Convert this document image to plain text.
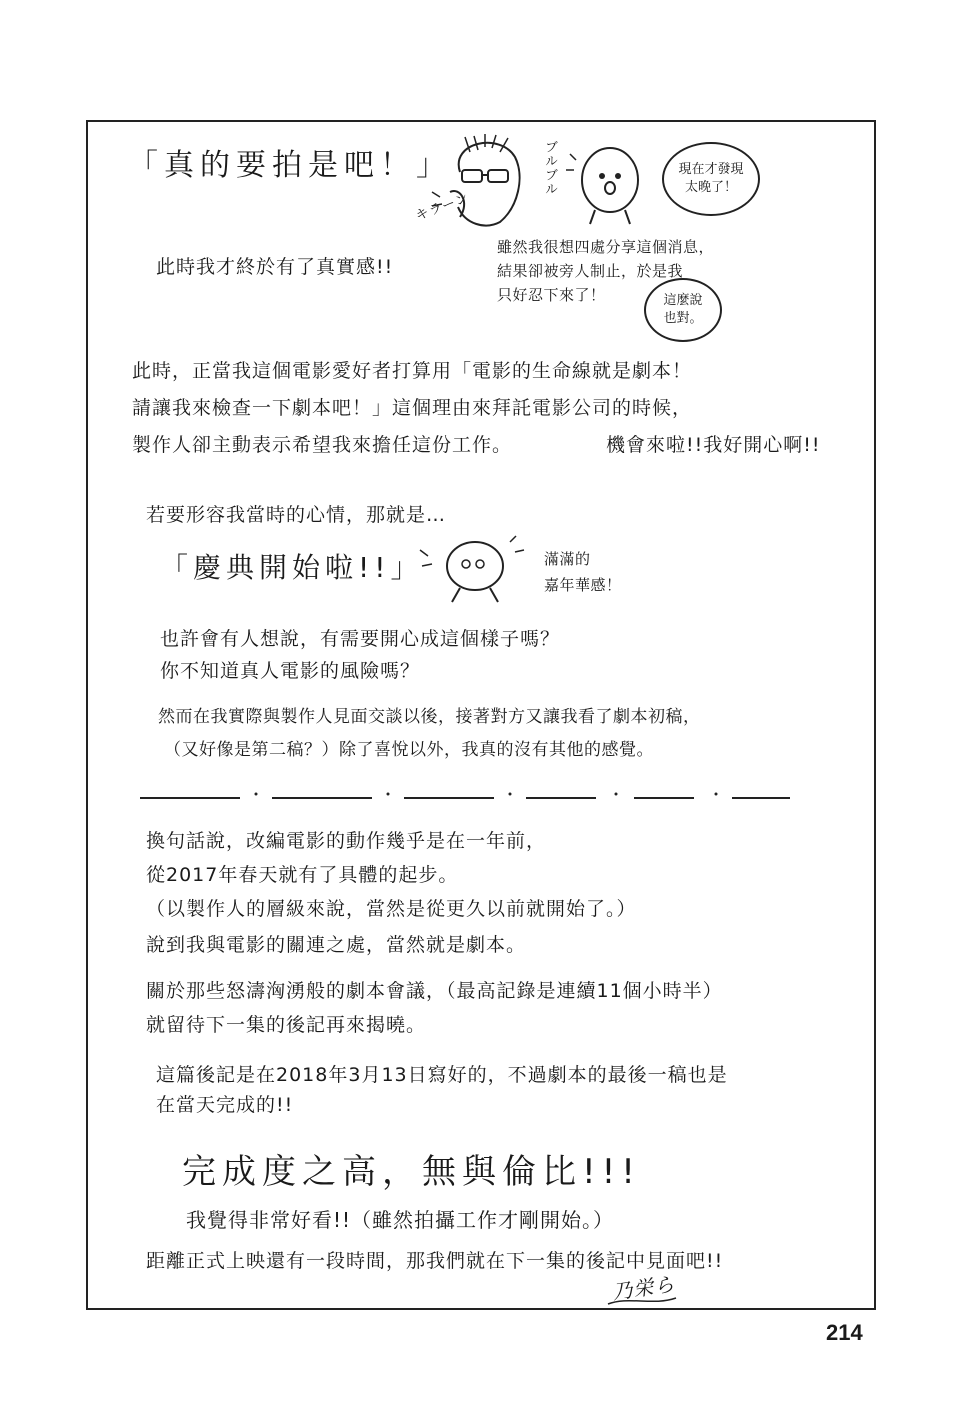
「真的要拍是吧！」	ブルブル
キラーン
現在才發現
太晚了！
此時我才終於有了真實感!!
雖然我很想四處分享這個消息，
結果卻被旁人制止，於是我
只好忍下來了！	這麼說
也對。
此時，正當我這個電影愛好者打算用「電影的生命線就是劇本！
請讓我來檢查一下劇本吧！」這個理由來拜託電影公司的時候，
製作人卻主動表示希望我來擔任這份工作。	機會來啦!!我好開心啊!!
若要形容我當時的心情，那就是…
「慶典開始啦!!」	滿滿的
嘉年華感！
也許會有人想說，有需要開心成這個樣子嗎？
你不知道真人電影的風險嗎？
然而在我實際與製作人見面交談以後，接著對方又讓我看了劇本初稿，
（又好像是第二稿？）除了喜悅以外，我真的沒有其他的感覺。
換句話說，改編電影的動作幾乎是在一年前，
從2017年春天就有了具體的起步。
（以製作人的層級來說，當然是從更久以前就開始了。）
說到我與電影的關連之處，當然就是劇本。
關於那些怒濤洶湧般的劇本會議，（最高記錄是連續11個小時半）
就留待下一集的後記再來揭曉。
這篇後記是在2018年3月13日寫好的，不過劇本的最後一稿也是
在當天完成的!!
完成度之高，無與倫比!!!
我覺得非常好看!!（雖然拍攝工作才剛開始。）
距離正式上映還有一段時間，那我們就在下一集的後記中見面吧!!
乃栄ら
214
